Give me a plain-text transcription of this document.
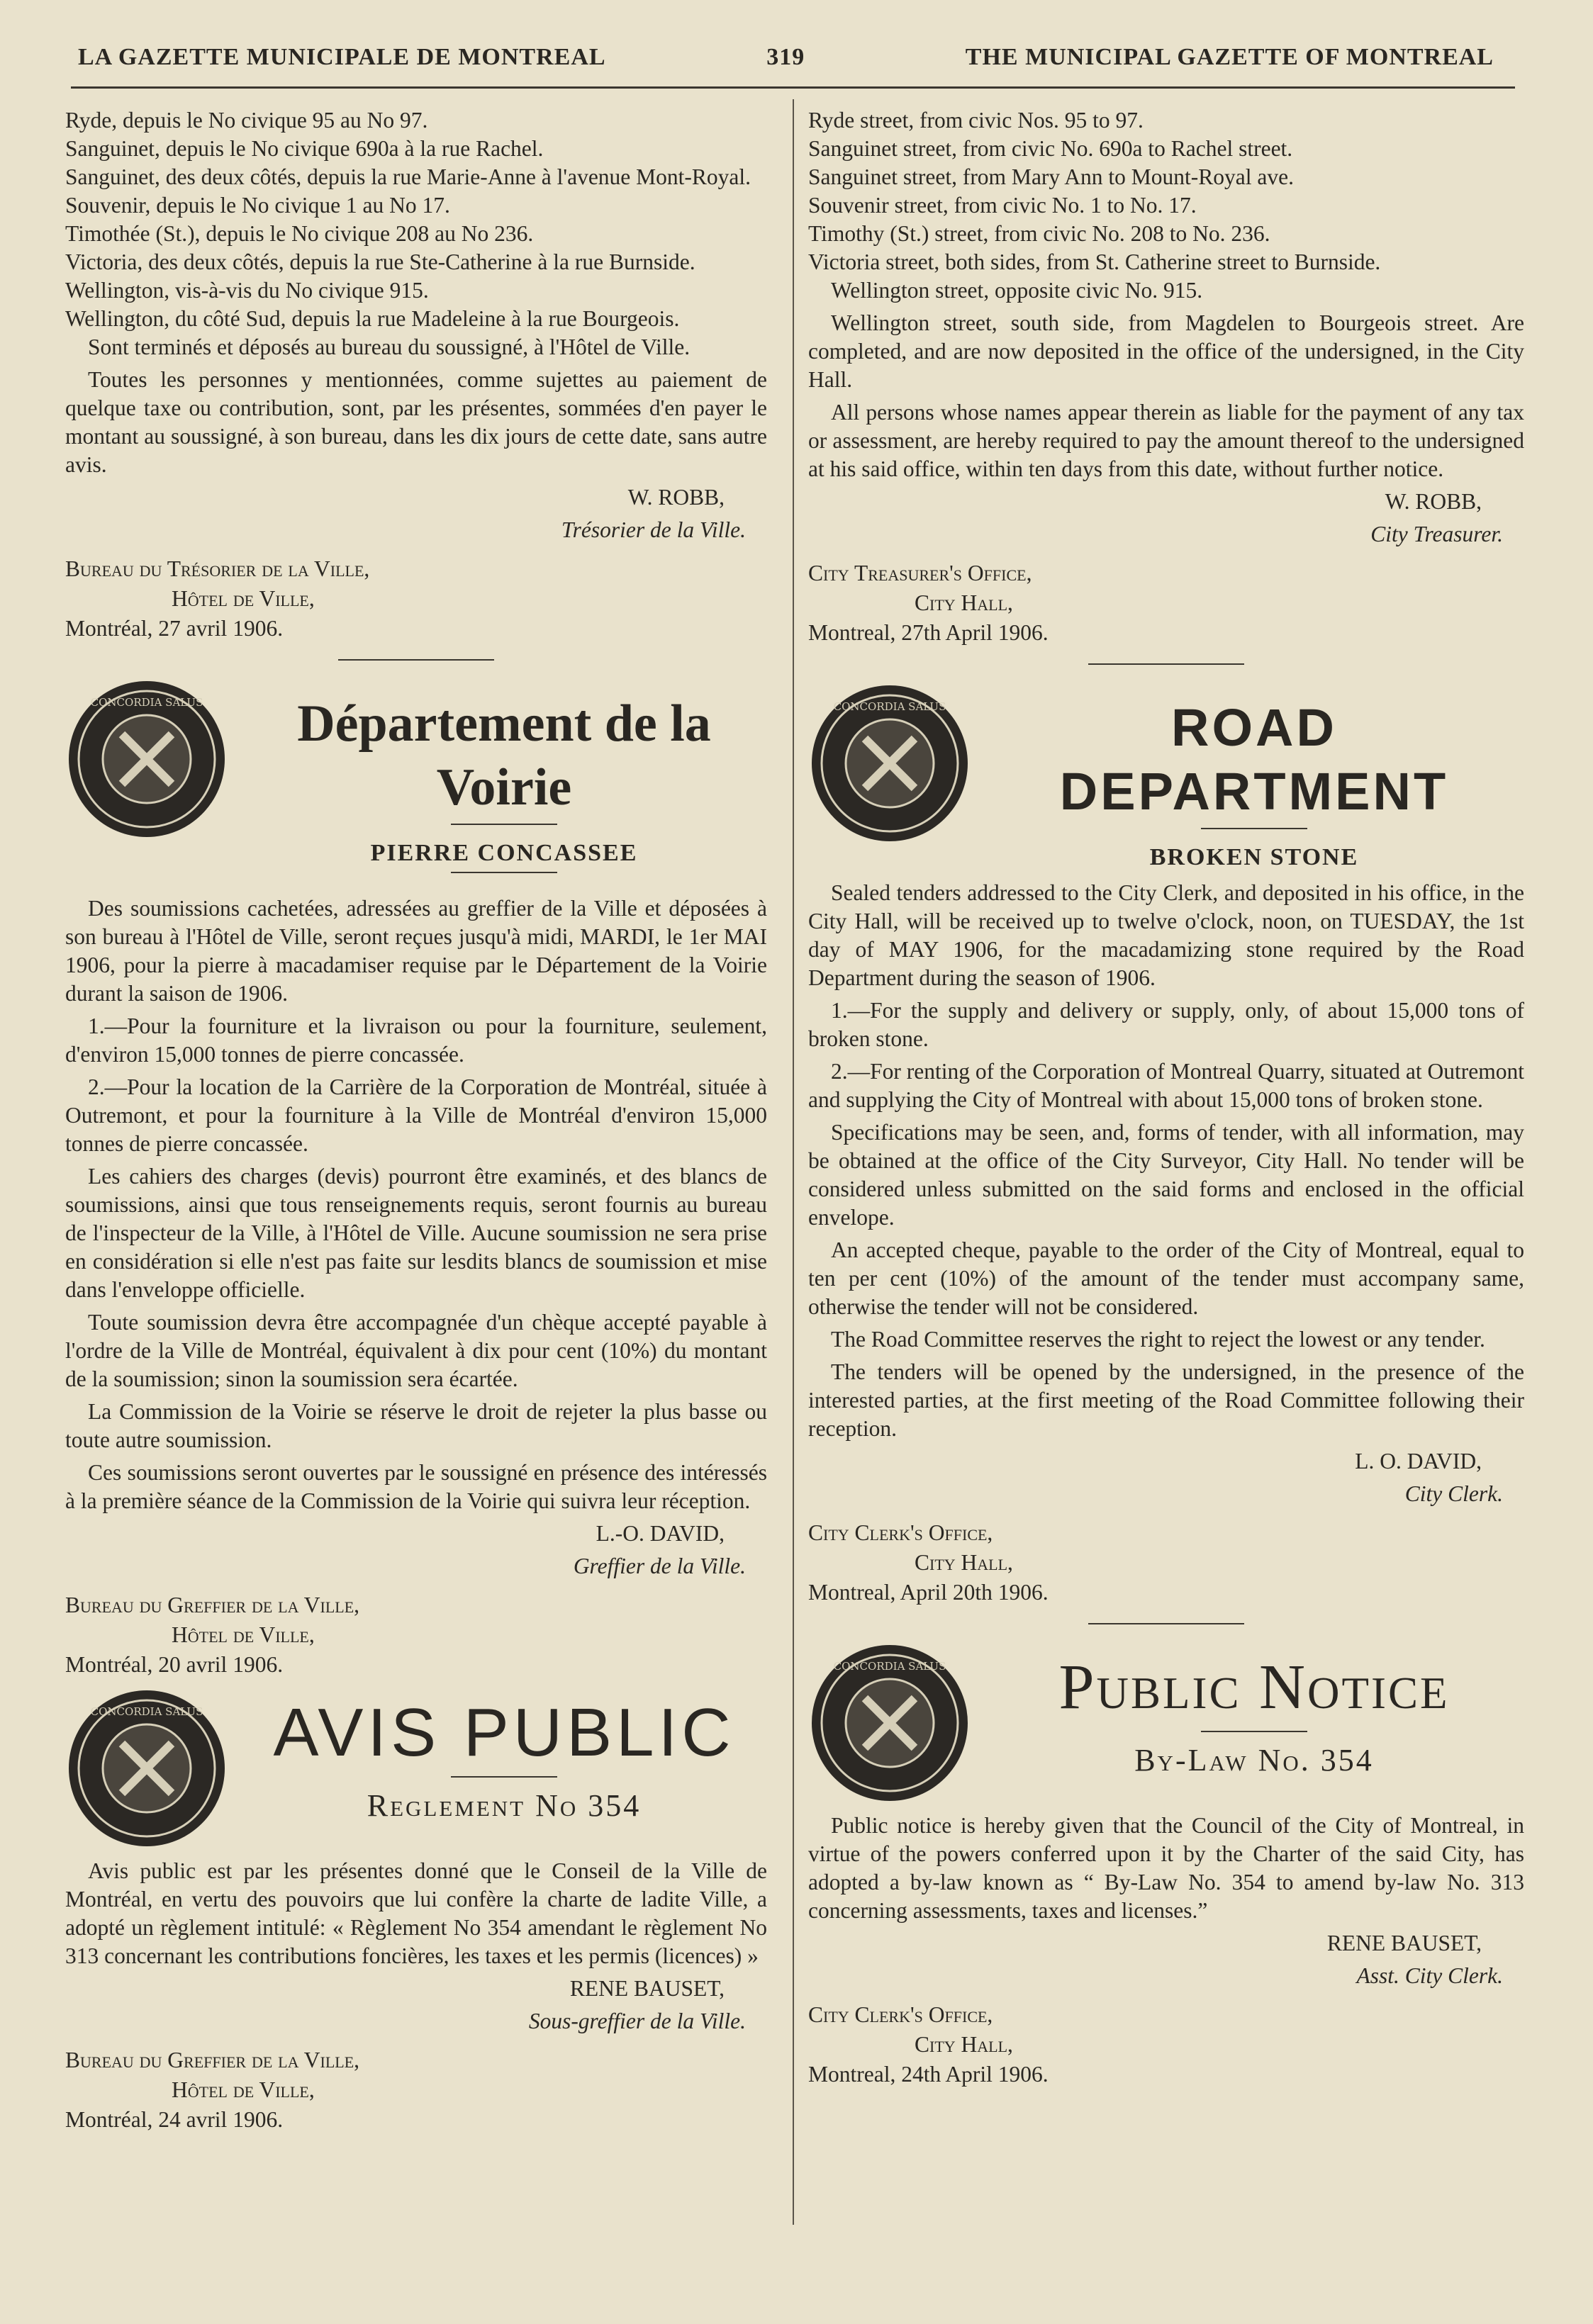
LA GAZETTE MUNICIPALE DE MONTREAL	319	THE MUNICIPAL GAZETTE OF MONTREAL

Ryde, depuis le No civique 95 au No 97.

Sanguinet, depuis le No civique 690a à la rue Rachel.

Sanguinet, des deux côtés, depuis la rue Marie-Anne à l'avenue Mont-Royal.

Souvenir, depuis le No civique 1 au No 17.

Timothée (St.), depuis le No civique 208 au No 236.

Victoria, des deux côtés, depuis la rue Ste-Catherine à la rue Burnside.

Wellington, vis-à-vis du No civique 915.

Wellington, du côté Sud, depuis la rue Madeleine à la rue Bourgeois.

Sont terminés et déposés au bureau du soussigné, à l'Hôtel de Ville.

Toutes les personnes y mentionnées, comme sujettes au paiement de quelque taxe ou contribution, sont, par les présentes, sommées d'en payer le montant au soussigné, à son bureau, dans les dix jours de cette date, sans autre avis.

W. ROBB,

Trésorier de la Ville.

Bureau du Trésorier de la Ville,

Hôtel de Ville,

Montréal, 27 avril 1906.

CONCORDIA SALUS	Département de la Voirie
PIERRE CONCASSEE

Des soumissions cachetées, adressées au greffier de la Ville et déposées à son bureau à l'Hôtel de Ville, seront reçues jusqu'à midi, MARDI, le 1er MAI 1906, pour la pierre à macadamiser requise par le Département de la Voirie durant la saison de 1906.

1.—Pour la fourniture et la livraison ou pour la fourniture, seulement, d'environ 15,000 tonnes de pierre concassée.

2.—Pour la location de la Carrière de la Corporation de Montréal, située à Outremont, et pour la fourniture à la Ville de Montréal d'environ 15,000 tonnes de pierre concassée.

Les cahiers des charges (devis) pourront être examinés, et des blancs de soumissions, ainsi que tous renseignements requis, seront fournis au bureau de l'inspecteur de la Ville, à l'Hôtel de Ville. Aucune soumission ne sera prise en considération si elle n'est pas faite sur lesdits blancs de soumission et mise dans l'enveloppe officielle.

Toute soumission devra être accompagnée d'un chèque accepté payable à l'ordre de la Ville de Montréal, équivalent à dix pour cent (10%) du montant de la soumission; sinon la soumission sera écartée.

La Commission de la Voirie se réserve le droit de rejeter la plus basse ou toute autre soumission.

Ces soumissions seront ouvertes par le soussigné en présence des intéressés à la première séance de la Commission de la Voirie qui suivra leur réception.

L.-O. DAVID,

Greffier de la Ville.

Bureau du Greffier de la Ville,

Hôtel de Ville,

Montréal, 20 avril 1906.

CONCORDIA SALUS	AVIS PUBLIC
Reglement No 354

Avis public est par les présentes donné que le Conseil de la Ville de Montréal, en vertu des pouvoirs que lui confère la charte de ladite Ville, a adopté un règlement intitulé: « Règlement No 354 amendant le règlement No 313 concernant les contributions foncières, les taxes et les permis (licences) »

RENE BAUSET,

Sous-greffier de la Ville.

Bureau du Greffier de la Ville,

Hôtel de Ville,

Montréal, 24 avril 1906.

Ryde street, from civic Nos. 95 to 97.

Sanguinet street, from civic No. 690a to Rachel street.

Sanguinet street, from Mary Ann to Mount-Royal ave.

Souvenir street, from civic No. 1 to No. 17.

Timothy (St.) street, from civic No. 208 to No. 236.

Victoria street, both sides, from St. Catherine street to Burnside.

Wellington street, opposite civic No. 915.

Wellington street, south side, from Magdelen to Bourgeois street. Are completed, and are now deposited in the office of the undersigned, in the City Hall.

All persons whose names appear therein as liable for the payment of any tax or assessment, are hereby required to pay the amount thereof to the undersigned at his said office, within ten days from this date, without further notice.

W. ROBB,

City Treasurer.

City Treasurer's Office,

City Hall,

Montreal, 27th April 1906.

CONCORDIA SALUS	ROAD DEPARTMENT
BROKEN STONE

Sealed tenders addressed to the City Clerk, and deposited in his office, in the City Hall, will be received up to twelve o'clock, noon, on TUESDAY, the 1st day of MAY 1906, for the macadamizing stone required by the Road Department during the season of 1906.

1.—For the supply and delivery or supply, only, of about 15,000 tons of broken stone.

2.—For renting of the Corporation of Montreal Quarry, situated at Outremont and supplying the City of Montreal with about 15,000 tons of broken stone.

Specifications may be seen, and, forms of tender, with all information, may be obtained at the office of the City Surveyor, City Hall. No tender will be considered unless submitted on the said forms and enclosed in the official envelope.

An accepted cheque, payable to the order of the City of Montreal, equal to ten per cent (10%) of the amount of the tender must accompany same, otherwise the tender will not be considered.

The Road Committee reserves the right to reject the lowest or any tender.

The tenders will be opened by the undersigned, in the presence of the interested parties, at the first meeting of the Road Committee following their reception.

L. O. DAVID,

City Clerk.

City Clerk's Office,

City Hall,

Montreal, April 20th 1906.

CONCORDIA SALUS	Public Notice
By-Law No. 354

Public notice is hereby given that the Council of the City of Montreal, in virtue of the powers conferred upon it by the Charter of the said City, has adopted a by-law known as “ By-Law No. 354 to amend by-law No. 313 concerning assessments, taxes and licenses.”

RENE BAUSET,

Asst. City Clerk.

City Clerk's Office,

City Hall,

Montreal, 24th April 1906.
